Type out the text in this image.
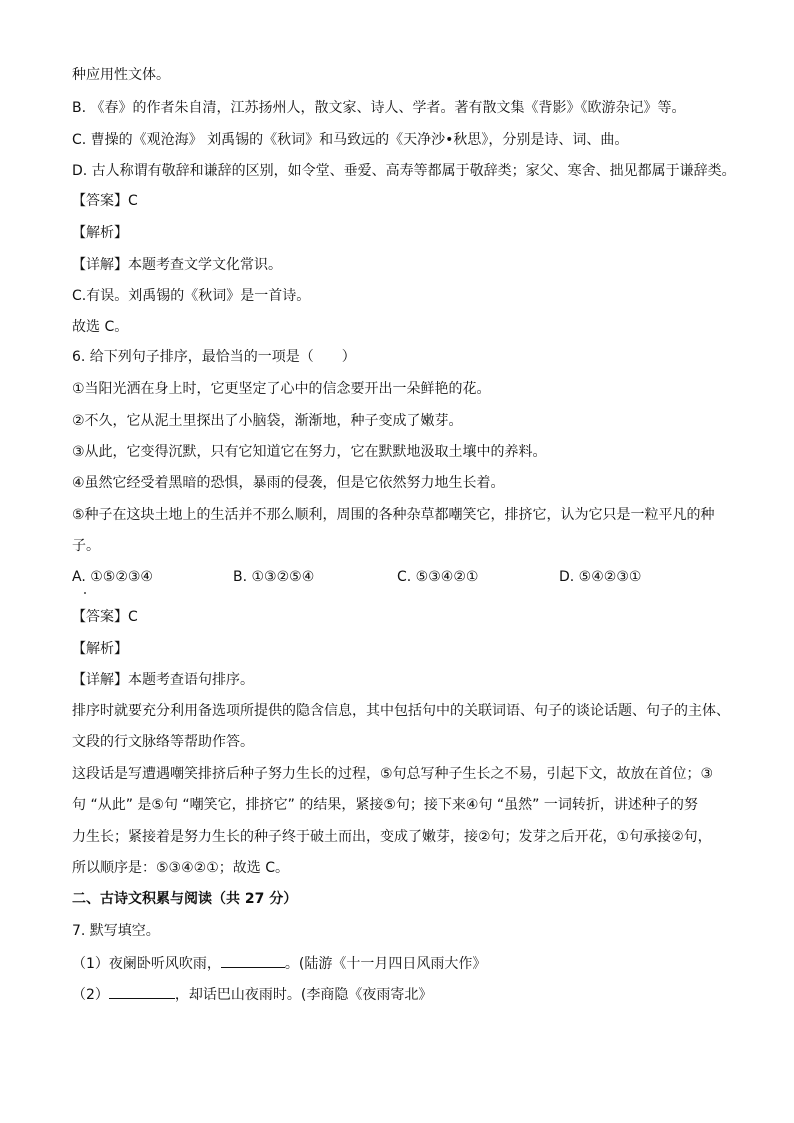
种应用性文体。
B. 《春》的作者朱自清，江苏扬州人，散文家、诗人、学者。著有散文集《背影》《欧游杂记》等。
C. 曹操的《观沧海》 刘禹锡的《秋词》和马致远的《天净沙•秋思》，分别是诗、词、曲。
D. 古人称谓有敬辞和谦辞的区别，如令堂、垂爱、高寿等都属于敬辞类；家父、寒舍、拙见都属于谦辞类。
【答案】C
【解析】
【详解】本题考查文学文化常识。
C.有误。刘禹锡的《秋词》是一首诗。
故选 C。
6. 给下列句子排序，最恰当的一项是（　　）
①当阳光洒在身上时，它更坚定了心中的信念要开出一朵鲜艳的花。
②不久，它从泥土里探出了小脑袋，渐渐地，种子变成了嫩芽。
③从此，它变得沉默，只有它知道它在努力，它在默默地汲取土壤中的养料。
④虽然它经受着黑暗的恐惧，暴雨的侵袭，但是它依然努力地生长着。
⑤种子在这块土地上的生活并不那么顺利，周围的各种杂草都嘲笑它，排挤它，认为它只是一粒平凡的种
子。
A. ①⑤②③④	B. ①③②⑤④	C. ⑤③④②①	D. ⑤④②③①
【答案】C
【解析】
【详解】本题考查语句排序。
排序时就要充分利用备选项所提供的隐含信息，其中包括句中的关联词语、句子的谈论话题、句子的主体、
文段的行文脉络等帮助作答。
这段话是写遭遇嘲笑排挤后种子努力生长的过程，⑤句总写种子生长之不易，引起下文，故放在首位；③
句 “从此” 是⑤句 “嘲笑它，排挤它” 的结果，紧接⑤句；接下来④句 “虽然” 一词转折，讲述种子的努
力生长；紧接着是努力生长的种子终于破土而出，变成了嫩芽，接②句；发芽之后开花，①句承接②句，
所以顺序是：⑤③④②①；故选 C。
二、古诗文积累与阅读（共 27 分）
7. 默写填空。
（1）夜阑卧听风吹雨，	。(陆游《十一月四日风雨大作》
（2）	，却话巴山夜雨时。(李商隐《夜雨寄北》
